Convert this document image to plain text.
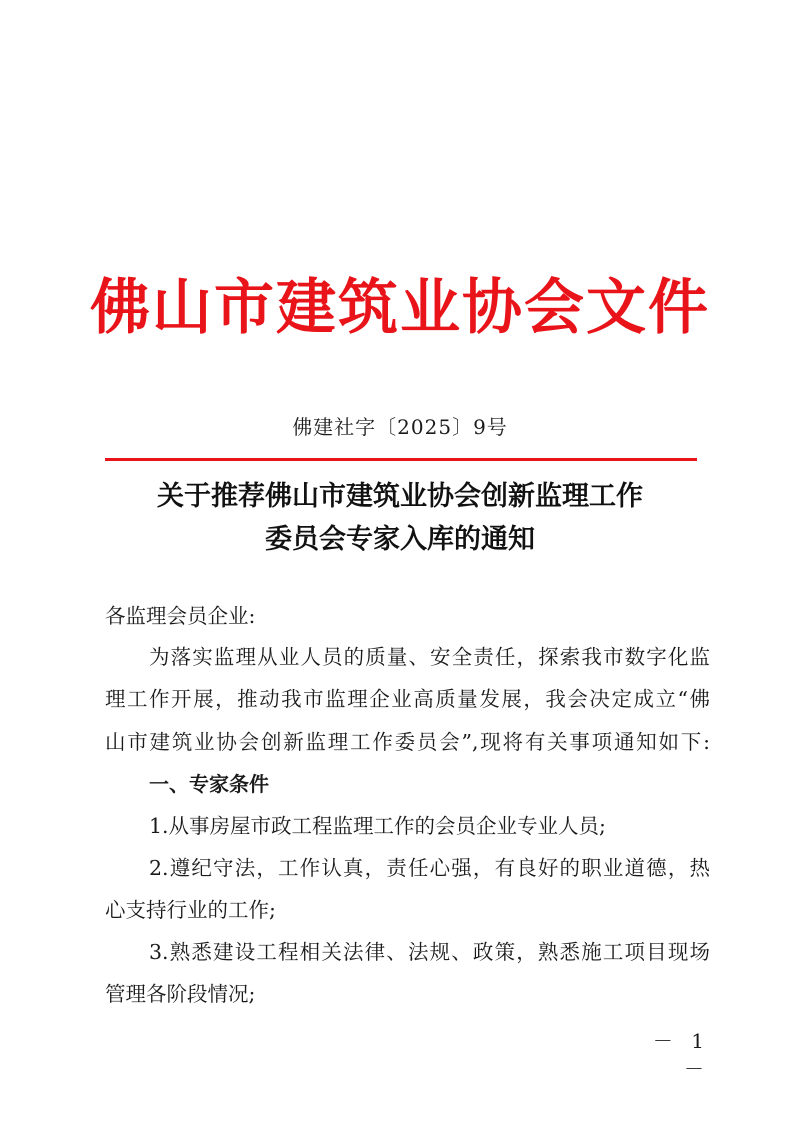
佛山市建筑业协会文件
佛建社字〔2025〕9号
关于推荐佛山市建筑业协会创新监理工作
委员会专家入库的通知
各监理会员企业:
为落实监理从业人员的质量、安全责任，探索我市数字化监
理工作开展，推动我市监理企业高质量发展，我会决定成立“佛
山市建筑业协会创新监理工作委员会”,现将有关事项通知如下:
一、专家条件
1.从事房屋市政工程监理工作的会员企业专业人员;
2.遵纪守法，工作认真，责任心强，有良好的职业道德，热
心支持行业的工作;
3.熟悉建设工程相关法律、法规、政策，熟悉施工项目现场
管理各阶段情况;
－ 1 －
